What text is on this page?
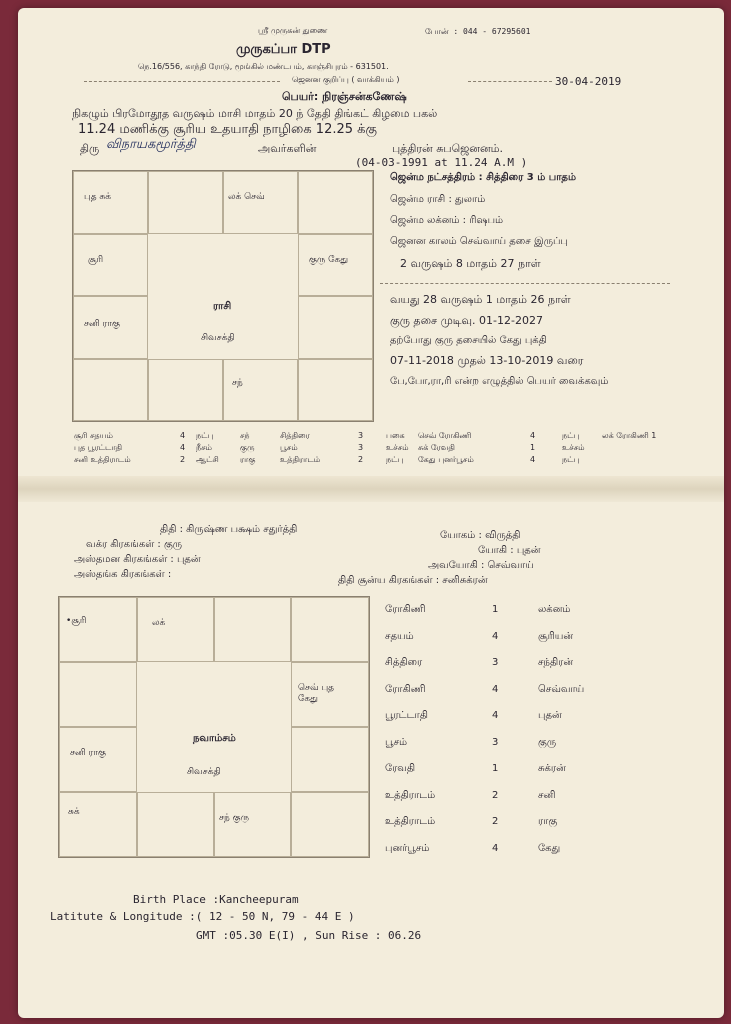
ஸ்ரீ முருகன் துணை	போன் : 044 - 67295601
முருகப்பா DTP
நெ.16/556, காந்தி ரோடு, மூங்கில் மண்டபம், காஞ்சிபுரம் - 631501.
ஜெனன குறிப்பு ( வாக்கியம் )	30-04-2019
பெயர்: நிரஞ்சன்கணேஷ்
நிகழும் பிரமோதூத வருஷம் மாசி மாதம் 20 ந் தேதி திங்கட் கிழமை பகல்
11.24 மணிக்கு சூரிய உதயாதி நாழிகை 12.25 க்கு
திரு விநாயகமூர்த்தி	அவர்களின்	புத்திரன் சுபஜெனனம்.
(04-03-1991 at 11.24 A.M )
புத சுக்	லக் செவ்
சூரி	குரு கேது
சனி ராகு
சந்
ராசி
சிவசக்தி
ஜென்ம நட்சத்திரம் : சித்திரை 3 ம் பாதம்
ஜென்ம ராசி : துலாம்
ஜென்ம லக்னம் : ரிஷபம்
ஜெனன காலம் செவ்வாய் தசை இருப்பு
2 வருஷம் 8 மாதம் 27 நாள்
வயது 28 வருஷம் 1 மாதம் 26 நாள்
குரு தசை முடிவு. 01-12-2027
தற்போது குரு தசையில் கேது புக்தி
07-11-2018 முதல் 13-10-2019 வரை
பே,போ,ரா,ரி என்ற எழுத்தில் பெயர் வைக்கவும்
சூரி சதயம்	4 நட்பு	சந்	சித்திரை	3	பகை செவ் ரோகிணி	4	நட்பு	லக் ரோகிணி 1
புத பூரட்டாதி	4 நீசம்	குரு	பூசம்	3	உச்சம் சுக் ரேவதி	1	உச்சம்
சனி உத்திராடம்	2 ஆட்சி	ராகு	உத்திராடம்	2	நட்பு கேது புனர்பூசம்	4	நட்பு
திதி : கிருஷ்ண பக்ஷம் சதுர்த்தி
வக்ர கிரகங்கள் : குரு
அஸ்தமன கிரகங்கள் : புதன்
அஸ்தங்க கிரகங்கள் :
யோகம் : விருத்தி
யோகி : புதன்
அவயோகி : செவ்வாய்
திதி சூன்ய கிரகங்கள் : சனிசுக்ரன்
•சூரி	லக்
செவ் புத
கேது
சனி ராகு
சுக்
சந் குரு
நவாம்சம்
சிவசக்தி
ரோகிணி	1	லக்னம்
சதயம்	4	சூரியன்
சித்திரை	3	சந்திரன்
ரோகிணி	4	செவ்வாய்
பூரட்டாதி	4	புதன்
பூசம்	3	குரு
ரேவதி	1	சுக்ரன்
உத்திராடம்	2	சனி
உத்திராடம்	2	ராகு
புனர்பூசம்	4	கேது
Birth Place :Kancheepuram
Latitute & Longitude :( 12 - 50 N, 79 - 44 E )
GMT :05.30 E(I) , Sun Rise : 06.26
